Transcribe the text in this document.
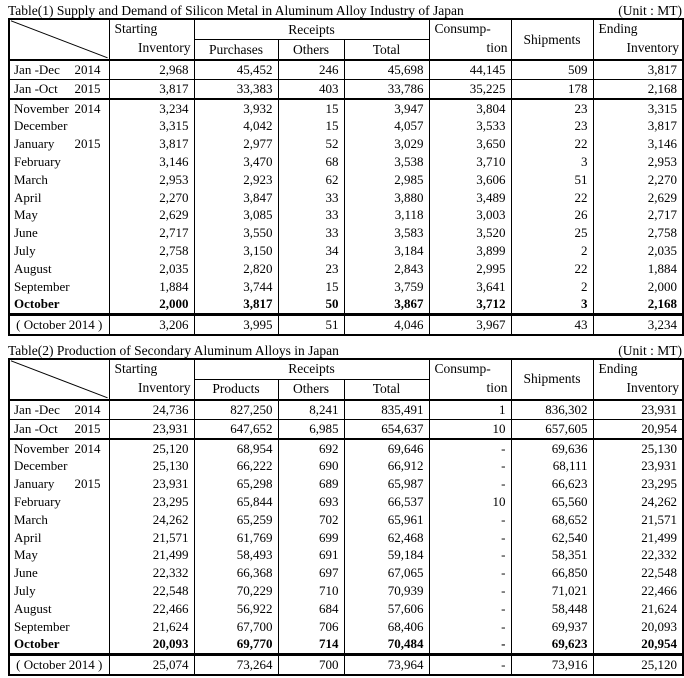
Table(1) Supply and Demand of Silicon Metal in Aluminum Alloy Industry of Japan	(Unit : MT)

Starting
Inventory
	Receipts	Consump-
tion
	Shipments	
Ending
Inventory

		Purchases	Others	Total			

Jan -Dec 2014	2,968	45,452	246	45,698	44,145	509	3,817

Jan -Oct 2015	3,817	33,383	403	33,786	35,225	178	2,168

November 2014	3,234	3,932	15	3,947	3,804	23	3,315

December	3,315	4,042	15	4,057	3,533	23	3,817

January 2015	3,817	2,977	52	3,029	3,650	22	3,146

February	3,146	3,470	68	3,538	3,710	3	2,953

March	2,953	2,923	62	2,985	3,606	51	2,270

April	2,270	3,847	33	3,880	3,489	22	2,629

May	2,629	3,085	33	3,118	3,003	26	2,717

June	2,717	3,550	33	3,583	3,520	25	2,758

July	2,758	3,150	34	3,184	3,899	2	2,035

August	2,035	2,820	23	2,843	2,995	22	1,884

September	1,884	3,744	15	3,759	3,641	2	2,000

October	2,000	3,817	50	3,867	3,712	3	2,168

( October 2014 )	3,206	3,995	51	4,046	3,967	43	3,234
Table(2) Production of Secondary Aluminum Alloys in Japan	(Unit : MT)

Starting
Inventory
	Receipts	Consump-
tion
	Shipments	
Ending
Inventory

		Products	Others	Total			

Jan -Dec 2014	24,736	827,250	8,241	835,491	1	836,302	23,931

Jan -Oct 2015	23,931	647,652	6,985	654,637	10	657,605	20,954

November 2014	25,120	68,954	692	69,646	-	69,636	25,130

December	25,130	66,222	690	66,912	-	68,111	23,931

January 2015	23,931	65,298	689	65,987	-	66,623	23,295

February	23,295	65,844	693	66,537	10	65,560	24,262

March	24,262	65,259	702	65,961	-	68,652	21,571

April	21,571	61,769	699	62,468	-	62,540	21,499

May	21,499	58,493	691	59,184	-	58,351	22,332

June	22,332	66,368	697	67,065	-	66,850	22,548

July	22,548	70,229	710	70,939	-	71,021	22,466

August	22,466	56,922	684	57,606	-	58,448	21,624

September	21,624	67,700	706	68,406	-	69,937	20,093

October	20,093	69,770	714	70,484	-	69,623	20,954

( October 2014 )	25,074	73,264	700	73,964	-	73,916	25,120
